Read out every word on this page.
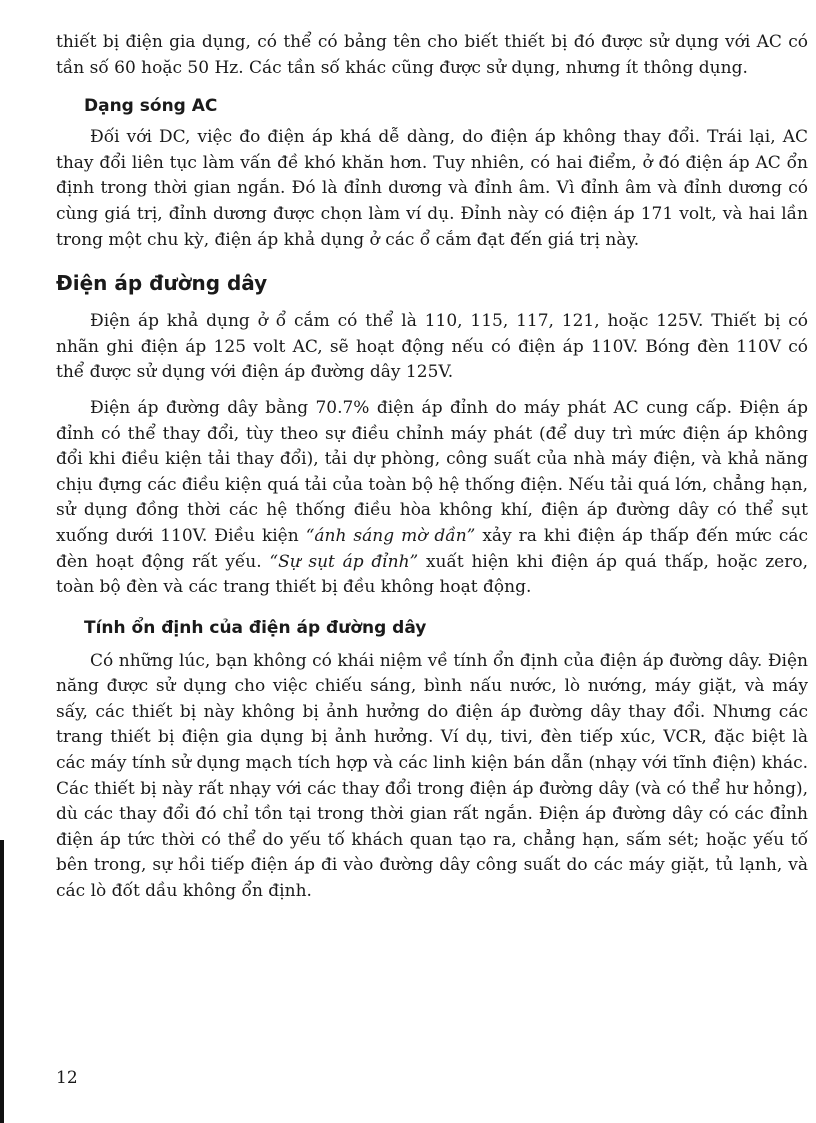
thiết bị điện gia dụng, có thể có bảng tên cho biết thiết bị đó được sử dụng với AC có tần số 60 hoặc 50 Hz. Các tần số khác cũng được sử dụng, nhưng ít thông dụng.

Dạng sóng AC

Đối với DC, việc đo điện áp khá dễ dàng, do điện áp không thay đổi. Trái lại, AC thay đổi liên tục làm vấn đề khó khăn hơn. Tuy nhiên, có hai điểm, ở đó điện áp AC ổn định trong thời gian ngắn. Đó là đỉnh dương và đỉnh âm. Vì đỉnh âm và đỉnh dương có cùng giá trị, đỉnh dương được chọn làm ví dụ. Đỉnh này có điện áp 171 volt, và hai lần trong một chu kỳ, điện áp khả dụng ở các ổ cắm đạt đến giá trị này.

Điện áp đường dây

Điện áp khả dụng ở ổ cắm có thể là 110, 115, 117, 121, hoặc 125V. Thiết bị có nhãn ghi điện áp 125 volt AC, sẽ hoạt động nếu có điện áp 110V. Bóng đèn 110V có thể được sử dụng với điện áp đường dây 125V.

Điện áp đường dây bằng 70.7% điện áp đỉnh do máy phát AC cung cấp. Điện áp đỉnh có thể thay đổi, tùy theo sự điều chỉnh máy phát (để duy trì mức điện áp không đổi khi điều kiện tải thay đổi), tải dự phòng, công suất của nhà máy điện, và khả năng chịu đựng các điều kiện quá tải của toàn bộ hệ thống điện. Nếu tải quá lớn, chẳng hạn, sử dụng đồng thời các hệ thống điều hòa không khí, điện áp đường dây có thể sụt xuống dưới 110V. Điều kiện “ánh sáng mờ dần” xảy ra khi điện áp thấp đến mức các đèn hoạt động rất yếu. “Sự sụt áp đỉnh” xuất hiện khi điện áp quá thấp, hoặc zero, toàn bộ đèn và các trang thiết bị đều không hoạt động.

Tính ổn định của điện áp đường dây

Có những lúc, bạn không có khái niệm về tính ổn định của điện áp đường dây. Điện năng được sử dụng cho việc chiếu sáng, bình nấu nước, lò nướng, máy giặt, và máy sấy, các thiết bị này không bị ảnh hưởng do điện áp đường dây thay đổi. Nhưng các trang thiết bị điện gia dụng bị ảnh hưởng. Ví dụ, tivi, đèn tiếp xúc, VCR, đặc biệt là các máy tính sử dụng mạch tích hợp và các linh kiện bán dẫn (nhạy với tĩnh điện) khác. Các thiết bị này rất nhạy với các thay đổi trong điện áp đường dây (và có thể hư hỏng), dù các thay đổi đó chỉ tồn tại trong thời gian rất ngắn. Điện áp đường dây có các đỉnh điện áp tức thời có thể do yếu tố khách quan tạo ra, chẳng hạn, sấm sét; hoặc yếu tố bên trong, sự hồi tiếp điện áp đi vào đường dây công suất do các máy giặt, tủ lạnh, và các lò đốt dầu không ổn định.

12
